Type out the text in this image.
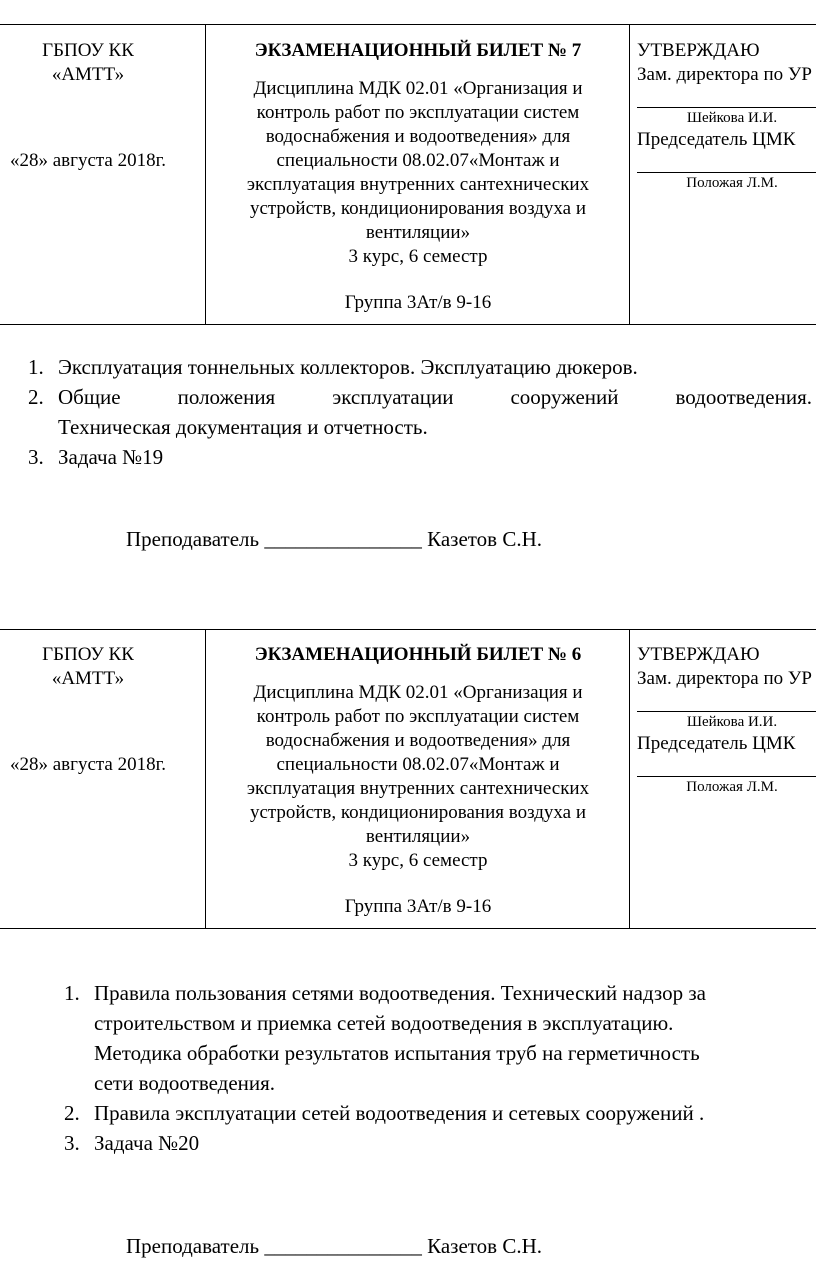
ГБПОУ КК
«АМТТ»
«28» августа 2018г.
ЭКЗАМЕНАЦИОННЫЙ БИЛЕТ № 7
Дисциплина МДК 02.01 «Организация и
контроль работ по эксплуатации систем
водоснабжения и водоотведения» для
специальности 08.02.07«Монтаж и
эксплуатация внутренних сантехнических
устройств, кондиционирования воздуха и
вентиляции»
3 курс, 6 семестр
Группа 3Ат/в 9-16
УТВЕРЖДАЮ
Зам. директора по УР
Шейкова И.И.
Председатель ЦМК
Положая Л.М.
1. Эксплуатация тоннельных коллекторов. Эксплуатацию дюкеров.
2. Общие положения эксплуатации сооружений водоотведения.
Техническая документация и отчетность.
3. Задача №19
Преподаватель _______________ Казетов С.Н.
ГБПОУ КК
«АМТТ»
«28» августа 2018г.
ЭКЗАМЕНАЦИОННЫЙ БИЛЕТ № 6
Дисциплина МДК 02.01 «Организация и
контроль работ по эксплуатации систем
водоснабжения и водоотведения» для
специальности 08.02.07«Монтаж и
эксплуатация внутренних сантехнических
устройств, кондиционирования воздуха и
вентиляции»
3 курс, 6 семестр
Группа 3Ат/в 9-16
УТВЕРЖДАЮ
Зам. директора по УР
Шейкова И.И.
Председатель ЦМК
Положая Л.М.
1. Правила пользования сетями водоотведения. Технический надзор за
строительством и приемка сетей водоотведения в эксплуатацию.
Методика обработки результатов испытания труб на герметичность
сети водоотведения.
2. Правила эксплуатации сетей водоотведения и сетевых сооружений .
3. Задача №20
Преподаватель _______________ Казетов С.Н.
